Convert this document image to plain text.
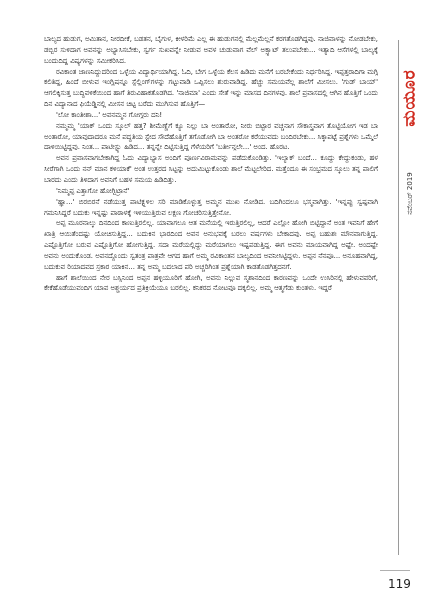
ಬಾಲ್ಯದ ಹುಡುಗ, ಅಮಿತಾನ, ನೀರದೀಕೆ, ಬಡತನ, ಬೈಗುಳ, ಕೀಳರಿಮೆ ಎಲ್ಲ ಈ ಹುಡುಗನಲ್ಲಿ ಮೆಲ್ಲಮೆಲ್ಲನೆ ಕರಗತೊಡಗಿದ್ದವು. ನಾಜಿವಾಳನ್ನು ನೋಡಬೇಕು, ಡಬ್ಬಿರ ಸುಳಿದಾಗ ಅವನನ್ನು ಅಭ್ಯಾಸಿಸಬೇಕು, ಸ್ವರ್ಗ ಸುಖವನ್ನೇ ನೀಡುವ ಅವಳ ಚುಡುವಾಗ ವೆಲ್ ಅಕ್ಸ್ಪಾಟ್ ತಲುಪಬೇಕು... ಇತ್ಯಾದಿ ಆಸೆಗಳಲ್ಲಿ ಬಾಲ್ಯಕ್ಕೆ ಬಂದುದಿದ್ದ ವಿಷ್ಯಗಳನ್ನು ಸಮೀಕರಿಸಿದ.

ರವಿಕಾಂತ ಜಾಣನಿದ್ದುದರಿಂದ ಒಳ್ಳೆಯ ವಿದ್ಯಾರ್ಥಿಯಾಗಿದ್ದ. ಓದಿ, ಬೇಗ ಒಳ್ಳೆಯ ಕೆಲಸ ಹಿಡಿದು ಮನೆಗೆ ಬರಬೇಕೆಂದು ನಿರ್ಧರಿಸಿದ್ದ. ಇಪ್ಪತ್ತರಾದಿಗಾ ಮಗ್ಗಿ ಕಲಿತಿದ್ದ, ಹಿಂದೆ ಬೀಳುವ ಇಂಗ್ಲಿಷನ್ನೂ ಸ್ಪೆಲ್ಲಿಂಗ್‌ಗಳನ್ನು ಗಟ್ಟುವಾಡಿ ಒಪ್ಪಿಸಲು ಶುರುವಾಡಿದ್ದ. ಹೆಚ್ಚು ಸಮಯವೆಲ್ಲ ಶಾಲೆಗೆ ಮೀಸಲು. 'ಗುಡ್ ಬಾಯ್' ಆಗಲಿಕ್ಕಿಸುತ್ತ ಬುದ್ಧಿವಳಿಕೆಯಿಂದ ಹಾಗೆ ತಿರುವಿಹಾಕತೊಡಗಿದ. 'ನಾಜಿಮಾ' ಎಂದು ಸೇತೆ ಇನ್ನು ಮಾಸದ ದಿನಗಳವು. ಶಾಲೆ ಪ್ರವಾಸದಲ್ಲಿ ಆಗಿನ ಹೊತ್ತಿಗೆ ಒಂದು ದಿನ ವಿದ್ಯಾನಾದ ಫಿಯೆಡ್ಡಿನಲ್ಲಿ ಮೀಸನ ಚಿಟ್ಟ ಬರೆದು ಮುಗಿಸುವ ಹೊತ್ತಿಗೆ—

'ಲೋ ಕಾಂತೀಶಾ...' ಅವನಮ್ಮನ ಗೋಗ್ಗರು ದನಿ!

ನಮ್ಮಮ್ಮ 'ಯಾಕ್ ಒಂದು ಸ್ಕೂಲ್ ಹತ್ತ? ಶೀಮೆಣ್ಣೆಗೆ ಕ್ಯೂ ನಿಲ್ಲು ಬಾ ಅಂತಾರೋ, ನೀರು ಬಿಟ್ಟಾರ ವಚ್ಚನಾಗ ಸೌಕಾಸ್ತ್ರವಾಗ ತೊಟ್ಟಿಯೋಗ ಇಡ ಬಾ ಅಂತಾರೋ, ಯಾವುದಾದರೂ ಮನೆ ಪದ್ಧತಿಯ ಸ್ಟೇದ ಸೌದೆಹೊತ್ತಿಗೆ ತಗೊಡೋಗಿ ಬಾ ಅಂತರೋ ಕರೆಯುವದು ಬಂದಿರಬೇಕು... ಸಿಕ್ಕಾಪಟ್ಟೆ ಪ್ರಶ್ನೆಗಳು ಒಮ್ಮೆಲೆ ದಾಳಿಯಿಟ್ಟಿದ್ದವು. ನಿಂತ... ಪಾಟೀಸ್ಟ್ಲು ಹಿಡಿದ... ತನ್ನನ್ನೇ ದಿಟ್ಟಿಸುತ್ತಿದ್ದ ಗೆಳೆಯರಿಗೆ 'ಬರ್ತೀನ್ಗಲೇ...' ಅಂದ. ಹೊರಟ.

ಅವನ ಪ್ರವಾಸವಾಗಬೇಕಾಗಿದ್ದ ಓದು ವಿದ್ಯಾಭ್ಯಾಸ ಅಂದಿಗೆ ಪೂರ್ಣವಿರಾಮವನ್ನು ಪಡೆದುಕೊಂಡಿತ್ತು. 'ಇಲ್ಯಾಕ್ ಬಂದೆ... ಕೂದ್ದು ಕೇದ್ದುಕಂಡು, ಹಳ ಸೀರೆಗಾಗಿ ಒಂದು ನನ್ ಮಾನ ಕಳಿಯಾಕೆ' ಅಂತ ಉತ್ತರದ ಸಿಟ್ಟನ್ನು ಅದುಮಿಟ್ಟುಕೊಂಡು ಶಾಲೆ ಮೆಟ್ಟಲೇರಿದ. ಮತ್ತೆಂದೂ ಈ ಸಂಭ್ರಮದ ಸ್ಕೂಲು ತನ್ನ ಪಾಲಿಗೆ ಬಾರದು ಎಂದು ತಿಳಿದಾಗ ಅವನಿಗೆ ಬಹಳ ಸಮಯ ಹಿಡಿದಿತ್ತು.

'ನಿಮ್ಮಪ್ಪ ಎತ್ತಾಗೋ ಹೋಗ್ಬಿಟ್ರಾನೆ'

'ಹ್ಞಾ...' ಬಿರಬಿರನೆ ನಡೆಯುತ್ತ ಪಾಟಿಕ್ಟ್ಗಳಿಲ ಸರಿ ಮಾಡಿಕೊಳ್ಳುತ್ತ ಅಮ್ಮನ ಮುಖ ನೋಡಿದ. ಬದಿಗಿಂದಲೂ ಭಸ್ಮವಾಗಿತ್ತು. 'ಇನ್ನಪ್ಪು ಸ್ವಷ್ಪವಾಗಿ ಗಮನಿಸಿದ್ದರೆ ಬದುಕು ಇನ್ನಷ್ಟು ಪಾಠಾಳಕ್ಕೆ ಇಳಿಯುತ್ತಿರುವ ಲಕ್ಷಣ ಗೋಚರಿಸುತ್ತಿತ್ತೇನೋ.

ಅಪ್ಪ ಮೂರನಾಲ್ಕು ದಿನದಿಂದ ಕಾಣುತ್ತಿರಲಿಲ್ಲ. ಯಾವಾಗಲೂ ಆತ ಮನೆಯಲ್ಲಿ ಇರುತ್ತಿರಲಿಲ್ಲ, ಆದರೆ ಎಲ್ಲೋ ಹೋಗಿ ಬಿಟ್ಟಿದ್ದಾನೆ ಅಂತ ಇವನಿಗೆ ಹೇಗೆ ಖಾತ್ರಿ ಆಯಿತೆಂದಷ್ಟು ಯೋಚಿಸುತ್ತಿದ್ದ... ಬದುಕಿನ ಭಾರದಿಂದ ಅವನ ಅನುಭವಕ್ಕೆ ಬರಲು ವರ್ಷಗಳು ಬೇಕಾದವು. ಅಪ್ಪ ಬಹುಶಃ ಮೌನವಾಗುತ್ತಿದ್ದ. ಎಷ್ಟೊತ್ತಿಗೋ ಬರುವ ಎಷ್ಟೊತ್ತಿಗೋ ಹೋಗುತ್ತಿದ್ದ. ಸದಾ ಮರೆಯಲ್ಲಿದ್ದು ಮರೆಯಾಗಲು ಇಷ್ಟಪಡುತ್ತಿದ್ದ. ಈಗ ಅವನು ಮಾಯವಾಗಿದ್ದ ಅಷ್ಟೇ. ಅಂದಷ್ಟೇ ಅವನು ಅಂದುಕೊಂಡ. ಅವನದ್ದೊಂದು ಸ್ವತಂತ್ರ ಪಾತ್ರವೇ ಆಗದ ಹಾಗೆ ಅಮ್ಮ ರವಿಕಾಂತನ ಬಾಲ್ಯದಿಂದ ಅವನೀಸಿಟ್ಟಿದ್ದಳು. ಅಪ್ಪನ ನೆನಪೂ... ಅನೂಹವಾಗಿದ್ದ, ಬದುಕುವ ರಿಯಾದವದ ಸ್ರಕಾರ ಯಾಕಿನ... ತನ್ನ ಅಮ್ಮ ಬದಲಾದ ಪರಿ ಅಚ್ಚರಿಗಿಂತ ಪ್ರಶ್ನೆಯಾಗಿ ಕಾಡತೊಡಗಿತ್ತದನಗೆ.

ಹಾಗೆ ಶಾಲೆಯಿಂದ ನೇರ ಬಸ್ಸಿನಿಂದ ಅಪ್ಪನ ಹಳ್ಳಿಯೂರಿಗೆ ಹೋಗಿ, ಅವನು ನಿಲ್ಲುವ ಸ್ಮಶಾನದಿಂದ ಕಾರಣವನ್ನು ಒಂದೇ ಉಸಿರಿನಲ್ಲಿ ಹೇಳುವವರಿಗೆ, ಕೇಕೆಹೊಡೆಯುವಂದಿಗ ಯಾವ ಅಶ್ಚರ್ಯದ ಪ್ರತಿಕ್ರಿಯೆಯೂ ಬರಲಿಲ್ಲ. ಕನಿಕರದ ನೋಟವೂ ದಕ್ಕಲಿಲ್ಲ. ಅಮ್ಮ ಆತ್ಮಗೆಡು ಕುಂತಳು. ಇದ್ದರೆ

ಮಯೂರ
ನವೆಂಬರ್ 2019
119
